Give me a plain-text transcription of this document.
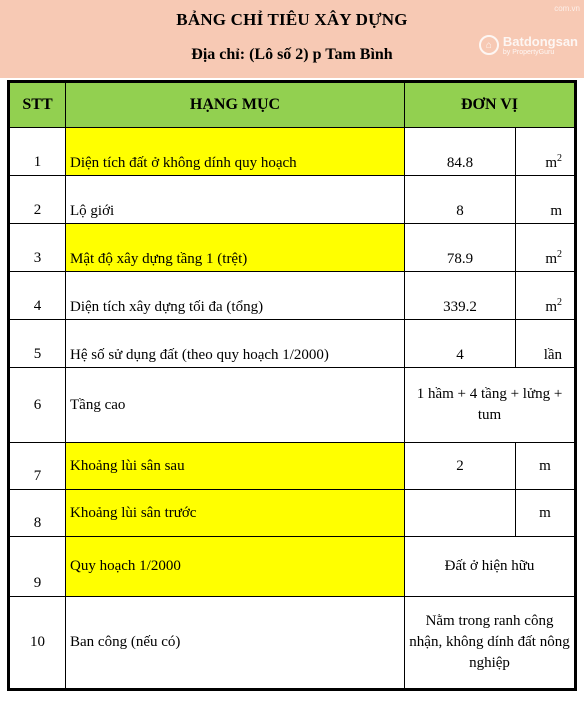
BẢNG CHỈ TIÊU XÂY DỰNG
Địa chỉ: (Lô số 2) p Tam Bình
com.vn
⌂ Batdongsan
by PropertyGuru
STT	HẠNG MỤC	ĐƠN VỊ	
1	Diện tích đất ở không dính quy hoạch	84.8	$m^2$
2	Lộ giới	8	m
3	Mật độ xây dựng tầng 1 (trệt)	78.9	$m^2$
4	Diện tích xây dựng tối đa (tổng)	339.2	$m^2$
5	Hệ số sử dụng đất (theo quy hoạch 1/2000)	4	lần
6	Tầng cao	1 hầm + 4 tầng + lửng + tum	
7	Khoảng lùi sân sau	2	m
8	Khoảng lùi sân trước		m
9	Quy hoạch 1/2000	Đất ở hiện hữu	
10	Ban công (nếu có)	Nằm trong ranh công nhận, không dính đất nông nghiệp	
